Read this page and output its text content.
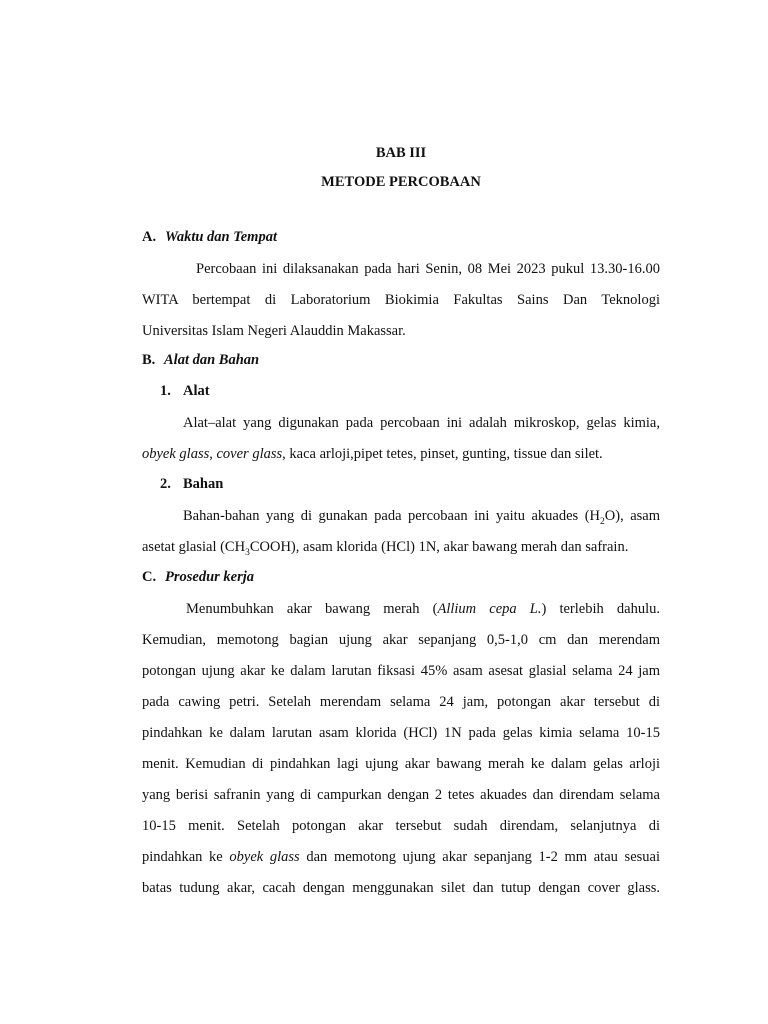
BAB III
METODE PERCOBAAN
A. Waktu dan Tempat
Percobaan ini dilaksanakan pada hari Senin, 08 Mei 2023 pukul 13.30-16.00
WITA bertempat di Laboratorium Biokimia Fakultas Sains Dan Teknologi
Universitas Islam Negeri Alauddin Makassar.
B. Alat dan Bahan
1. Alat
Alat–alat yang digunakan pada percobaan ini adalah mikroskop, gelas kimia,
obyek glass, cover glass, kaca arloji,pipet tetes, pinset, gunting, tissue dan silet.
2. Bahan
Bahan-bahan yang di gunakan pada percobaan ini yaitu akuades $(H_2O)$, asam
asetat glasial $(CH_3COOH)$, asam klorida (HCl) 1N, akar bawang merah dan safrain.
C. Prosedur kerja
Menumbuhkan akar bawang merah (Allium cepa L.) terlebih dahulu.
Kemudian, memotong bagian ujung akar sepanjang 0,5-1,0 cm dan merendam
potongan ujung akar ke dalam larutan fiksasi 45% asam asesat glasial selama 24 jam
pada cawing petri. Setelah merendam selama 24 jam, potongan akar tersebut di
pindahkan ke dalam larutan asam klorida (HCl) 1N pada gelas kimia selama 10-15
menit. Kemudian di pindahkan lagi ujung akar bawang merah ke dalam gelas arloji
yang berisi safranin yang di campurkan dengan 2 tetes akuades dan direndam selama
10-15 menit. Setelah potongan akar tersebut sudah direndam, selanjutnya di
pindahkan ke obyek glass dan memotong ujung akar sepanjang 1-2 mm atau sesuai
batas tudung akar, cacah dengan menggunakan silet dan tutup dengan cover glass.
